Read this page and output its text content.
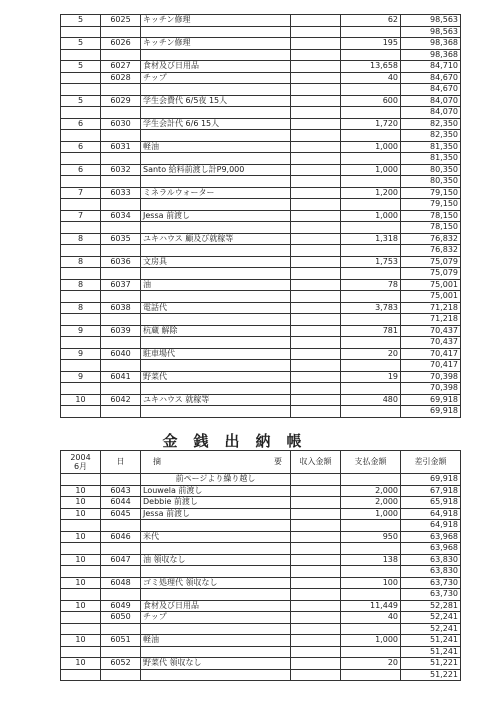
5	6025	キッチン修理		62	98,563
					98,563
5	6026	キッチン修理		195	98,368
					98,368
5	6027	食材及び日用品		13,658	84,710
	6028	チップ		40	84,670
					84,670
5	6029	学生会費代 6/5夜 15人		600	84,070
					84,070
6	6030	学生会計代 6/6 15人		1,720	82,350
					82,350
6	6031	軽油		1,000	81,350
					81,350
6	6032	Santo 給料前渡し計P9,000		1,000	80,350
					80,350
7	6033	ミネラルウォーター		1,200	79,150
					79,150
7	6034	Jessa 前渡し		1,000	78,150
					78,150
8	6035	ユキハウス 顧及び就稼等		1,318	76,832
					76,832
8	6036	文房具		1,753	75,079
					75,079
8	6037	油		78	75,001
					75,001
8	6038	電話代		3,783	71,218
					71,218
9	6039	杭蔵 解除		781	70,437
					70,437
9	6040	駐車場代		20	70,417
					70,417
9	6041	野菜代		19	70,398
					70,398
10	6042	ユキハウス 就稼等		480	69,918
					69,918
金銭出納帳
2004
6月	日	摘 要	収入金額	支払金額	差引金額
		前ページより繰り越し			69,918
10	6043	Louwela 前渡し		2,000	67,918
10	6044	Debbie 前渡し		2,000	65,918
10	6045	Jessa 前渡し		1,000	64,918
					64,918
10	6046	米代		950	63,968
					63,968
10	6047	油 領収なし		138	63,830
					63,830
10	6048	ゴミ処理代 領収なし		100	63,730
					63,730
10	6049	食材及び日用品		11,449	52,281
	6050	チップ		40	52,241
					52,241
10	6051	軽油		1,000	51,241
					51,241
10	6052	野菜代 領収なし		20	51,221
					51,221
